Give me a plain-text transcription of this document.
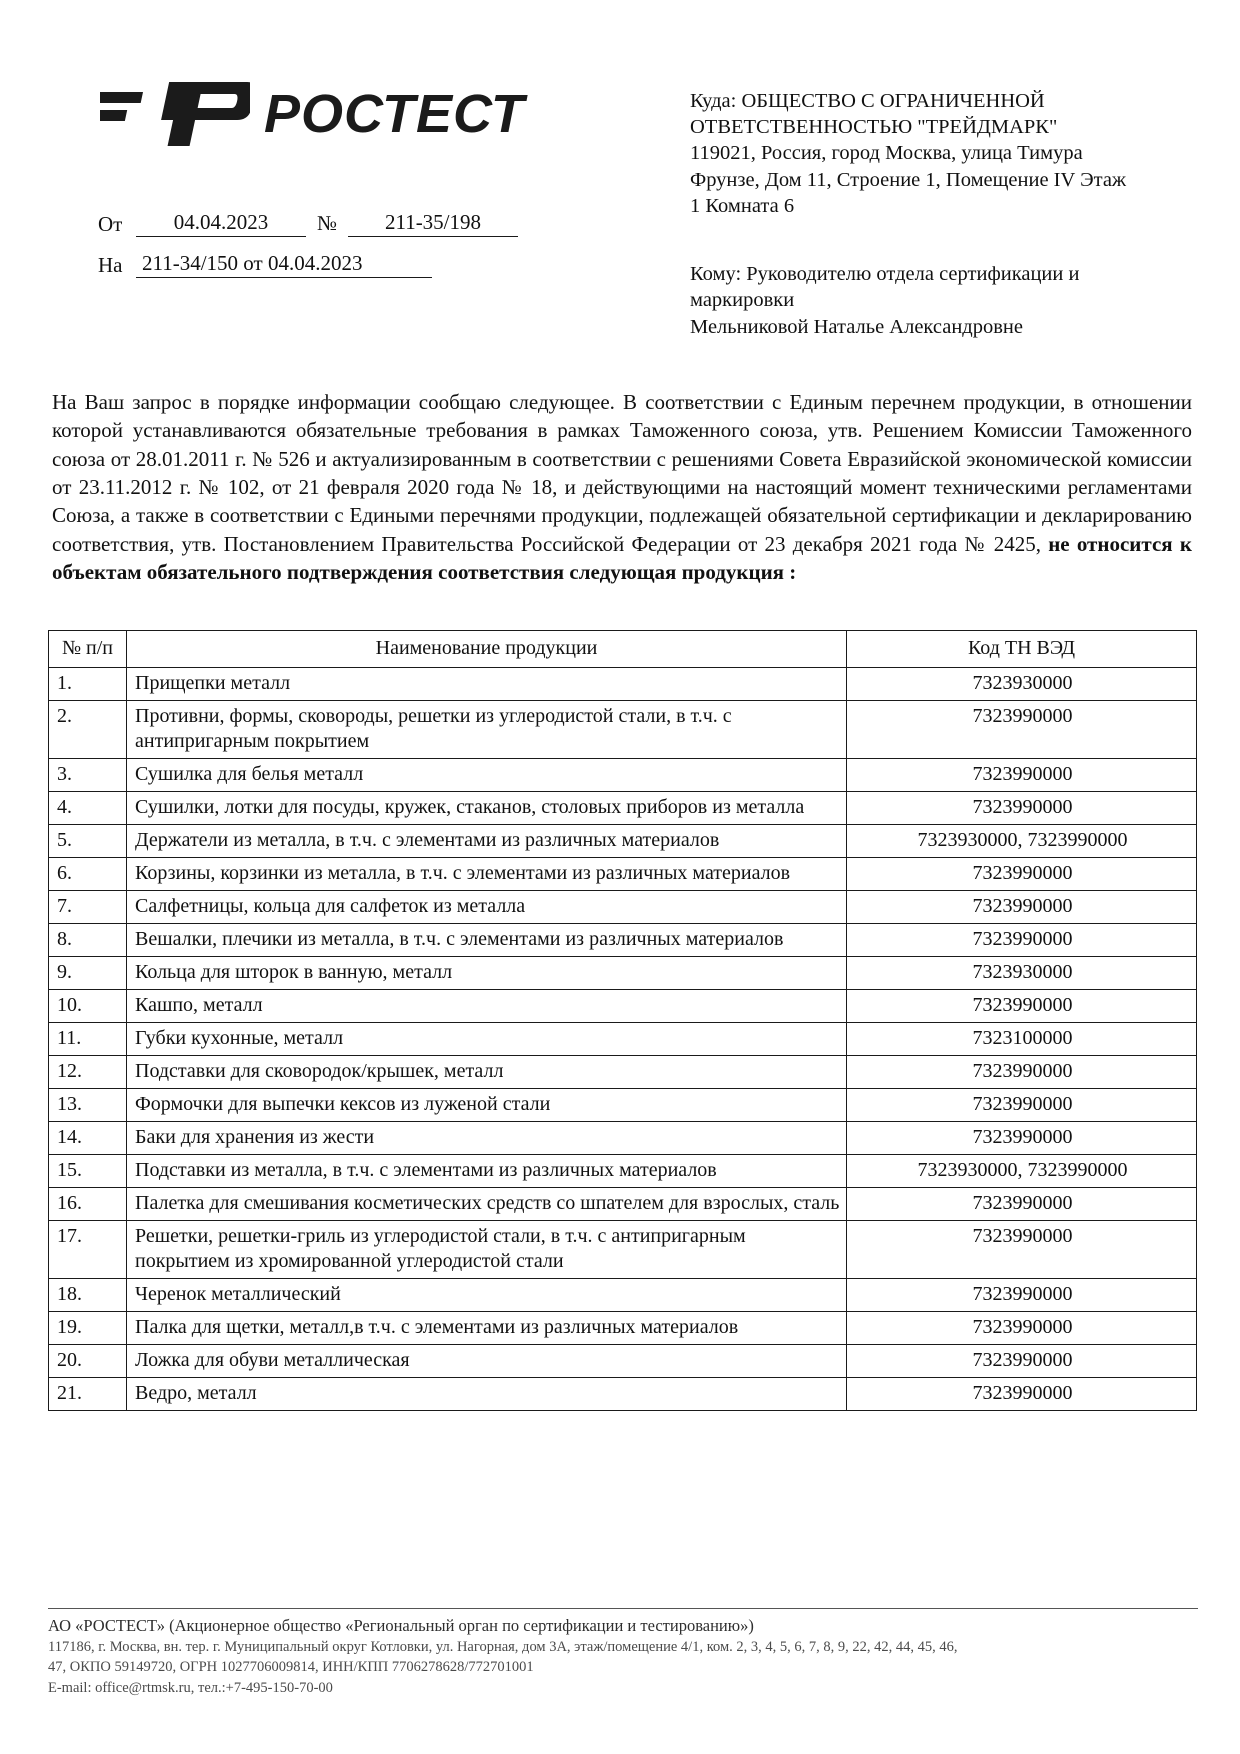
РОСТЕСТ
От	04.04.2023	№	211-35/198
На 211-34/150 от 04.04.2023
Куда: ОБЩЕСТВО С ОГРАНИЧЕННОЙ
ОТВЕТСТВЕННОСТЬЮ "ТРЕЙДМАРК"
119021, Россия, город Москва, улица Тимура
Фрунзе, Дом 11, Строение 1, Помещение IV Этаж
1 Комната 6
Кому: Руководителю отдела сертификации и
маркировки
Мельниковой Наталье Александровне
На Ваш запрос в порядке информации сообщаю следующее. В соответствии с Единым перечнем продукции, в отношении которой устанавливаются обязательные требования в рамках Таможенного союза, утв. Решением Комиссии Таможенного союза от 28.01.2011 г. № 526 и актуализированным в соответствии с решениями Совета Евразийской экономической комиссии от 23.11.2012 г. № 102, от 21 февраля 2020 года № 18, и действующими на настоящий момент техническими регламентами Союза, а также в соответствии с Едиными перечнями продукции, подлежащей обязательной сертификации и декларированию соответствия, утв. Постановлением Правительства Российской Федерации от 23 декабря 2021 года № 2425, не относится к объектам обязательного подтверждения соответствия следующая продукция :
№ п/п	Наименование продукции	Код ТН ВЭД
1.	Прищепки металл	7323930000
2.	Противни, формы, сковороды, решетки из углеродистой стали, в т.ч. с антипригарным покрытием	7323990000
3.	Сушилка для белья металл	7323990000
4.	Сушилки, лотки для посуды, кружек, стаканов, столовых приборов из металла	7323990000
5.	Держатели из металла, в т.ч. с элементами из различных материалов	7323930000, 7323990000
6.	Корзины, корзинки из металла, в т.ч. с элементами из различных материалов	7323990000
7.	Салфетницы, кольца для салфеток из металла	7323990000
8.	Вешалки, плечики из металла, в т.ч. с элементами из различных материалов	7323990000
9.	Кольца для шторок в ванную, металл	7323930000
10.	Кашпо, металл	7323990000
11.	Губки кухонные, металл	7323100000
12.	Подставки для сковородок/крышек, металл	7323990000
13.	Формочки для выпечки кексов из луженой стали	7323990000
14.	Баки для хранения из жести	7323990000
15.	Подставки из металла, в т.ч. с элементами из различных материалов	7323930000, 7323990000
16.	Палетка для смешивания косметических средств со шпателем для взрослых, сталь	7323990000
17.	Решетки, решетки-гриль из углеродистой стали, в т.ч. с антипригарным покрытием из хромированной углеродистой стали	7323990000
18.	Черенок металлический	7323990000
19.	Палка для щетки, металл,в т.ч. с элементами из различных материалов	7323990000
20.	Ложка для обуви металлическая	7323990000
21.	Ведро, металл	7323990000
АО «РОСТЕСТ» (Акционерное общество «Региональный орган по сертификации и тестированию»)
117186, г. Москва, вн. тер. г. Муниципальный округ Котловки, ул. Нагорная, дом 3А, этаж/помещение 4/1, ком. 2, 3, 4, 5, 6, 7, 8, 9, 22, 42, 44, 45, 46,
47, ОКПО 59149720, ОГРН 1027706009814, ИНН/КПП 7706278628/772701001
E-mail: office@rtmsk.ru, тел.:+7-495-150-70-00
